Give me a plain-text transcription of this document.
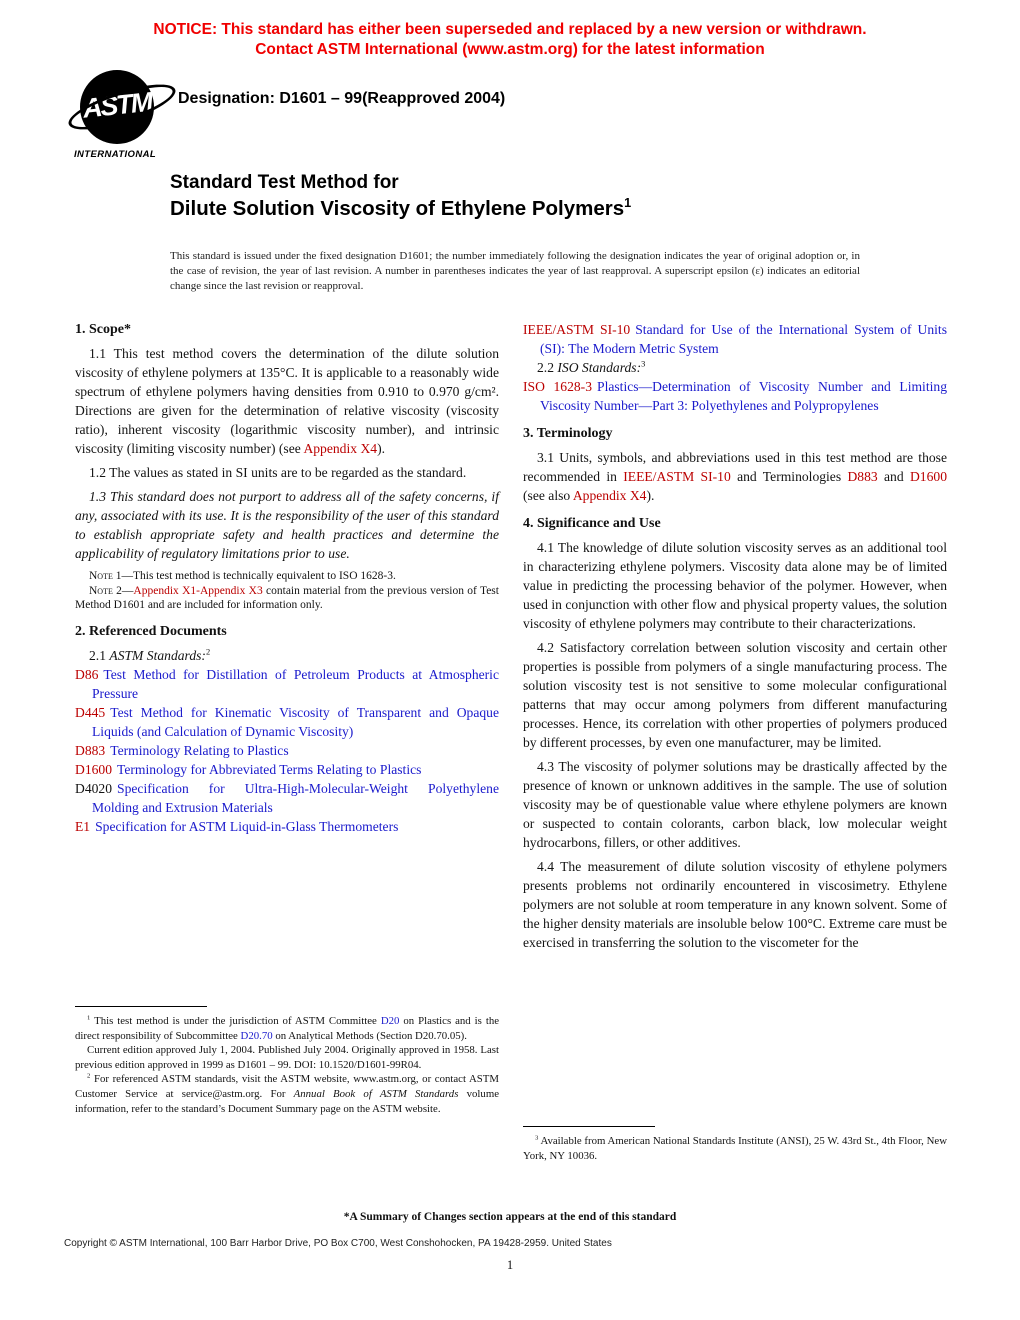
NOTICE: This standard has either been superseded and replaced by a new version or withdrawn.
Contact ASTM International (www.astm.org) for the latest information
ASTM
INTERNATIONAL
Designation: D1601 – 99(Reapproved 2004)
Standard Test Method for
Dilute Solution Viscosity of Ethylene Polymers$^1$
This standard is issued under the fixed designation D1601; the number immediately following the designation indicates the year of original adoption or, in the case of revision, the year of last revision. A number in parentheses indicates the year of last reapproval. A superscript epsilon (ε) indicates an editorial change since the last revision or reapproval.
1. Scope*

1.1 This test method covers the determination of the dilute solution viscosity of ethylene polymers at 135°C. It is applicable to a reasonably wide spectrum of ethylene polymers having densities from 0.910 to 0.970 g/cm². Directions are given for the determination of relative viscosity (viscosity ratio), inherent viscosity (logarithmic viscosity number), and intrinsic viscosity (limiting viscosity number) (see Appendix X4).

1.2 The values as stated in SI units are to be regarded as the standard.

1.3 This standard does not purport to address all of the safety concerns, if any, associated with its use. It is the responsibility of the user of this standard to establish appropriate safety and health practices and determine the applicability of regulatory limitations prior to use.

Note 1—This test method is technically equivalent to ISO 1628-3.

Note 2—Appendix X1-Appendix X3 contain material from the previous version of Test Method D1601 and are included for information only.

2. Referenced Documents

2.1 ASTM Standards:$^2$

D86 Test Method for Distillation of Petroleum Products at Atmospheric Pressure

D445 Test Method for Kinematic Viscosity of Transparent and Opaque Liquids (and Calculation of Dynamic Viscosity)

D883 Terminology Relating to Plastics

D1600 Terminology for Abbreviated Terms Relating to Plastics

D4020 Specification for Ultra-High-Molecular-Weight Polyethylene Molding and Extrusion Materials

E1 Specification for ASTM Liquid-in-Glass Thermometers

$^1$ This test method is under the jurisdiction of ASTM Committee D20 on Plastics and is the direct responsibility of Subcommittee D20.70 on Analytical Methods (Section D20.70.05).

Current edition approved July 1, 2004. Published July 2004. Originally approved in 1958. Last previous edition approved in 1999 as D1601 – 99. DOI: 10.1520/D1601-99R04.

$^2$ For referenced ASTM standards, visit the ASTM website, www.astm.org, or contact ASTM Customer Service at service@astm.org. For Annual Book of ASTM Standards volume information, refer to the standard’s Document Summary page on the ASTM website.

IEEE/ASTM SI-10 Standard for Use of the International System of Units (SI): The Modern Metric System

2.2 ISO Standards:$^3$

ISO 1628-3 Plastics—Determination of Viscosity Number and Limiting Viscosity Number—Part 3: Polyethylenes and Polypropylenes

3. Terminology

3.1 Units, symbols, and abbreviations used in this test method are those recommended in IEEE/ASTM SI-10 and Terminologies D883 and D1600 (see also Appendix X4).

4. Significance and Use

4.1 The knowledge of dilute solution viscosity serves as an additional tool in characterizing ethylene polymers. Viscosity data alone may be of limited value in predicting the processing behavior of the polymer. However, when used in conjunction with other flow and physical property values, the solution viscosity of ethylene polymers may contribute to their characterizations.

4.2 Satisfactory correlation between solution viscosity and certain other properties is possible from polymers of a single manufacturing process. The solution viscosity test is not sensitive to some molecular configurational patterns that may occur among polymers from different manufacturing processes. Hence, its correlation with other properties of polymers produced by different processes, by even one manufacturer, may be limited.

4.3 The viscosity of polymer solutions may be drastically affected by the presence of known or unknown additives in the sample. The use of solution viscosity may be of questionable value where ethylene polymers are known or suspected to contain colorants, carbon black, low molecular weight hydrocarbons, fillers, or other additives.

4.4 The measurement of dilute solution viscosity of ethylene polymers presents problems not ordinarily encountered in viscosimetry. Ethylene polymers are not soluble at room temperature in any known solvent. Some of the higher density materials are insoluble below 100°C. Extreme care must be exercised in transferring the solution to the viscometer for the

$^3$ Available from American National Standards Institute (ANSI), 25 W. 43rd St., 4th Floor, New York, NY 10036.

*A Summary of Changes section appears at the end of this standard
Copyright © ASTM International, 100 Barr Harbor Drive, PO Box C700, West Conshohocken, PA 19428-2959. United States
1
